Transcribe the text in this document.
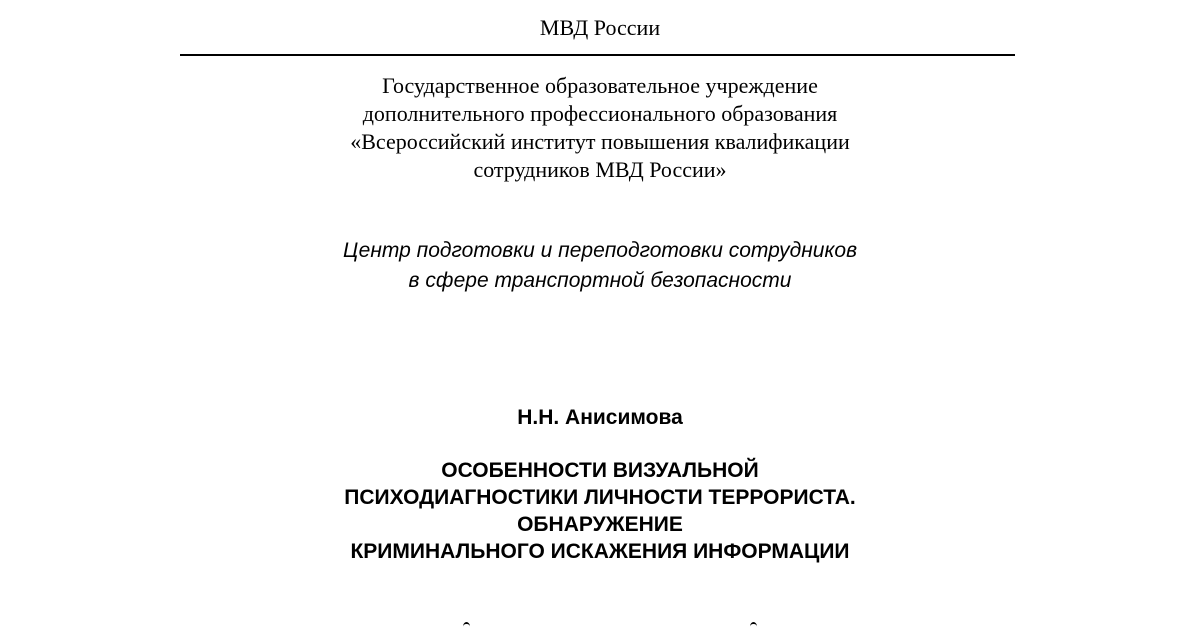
МВД России
Государственное образовательное учреждение
дополнительного профессионального образования
«Всероссийский институт повышения квалификации
сотрудников МВД России»
Центр подготовки и переподготовки сотрудников
в сфере транспортной безопасности
Н.Н. Анисимова
ОСОБЕННОСТИ ВИЗУАЛЬНОЙ
ПСИХОДИАГНОСТИКИ ЛИЧНОСТИ ТЕРРОРИСТА.
ОБНАРУЖЕНИЕ
КРИМИНАЛЬНОГО ИСКАЖЕНИЯ ИНФОРМАЦИИ
